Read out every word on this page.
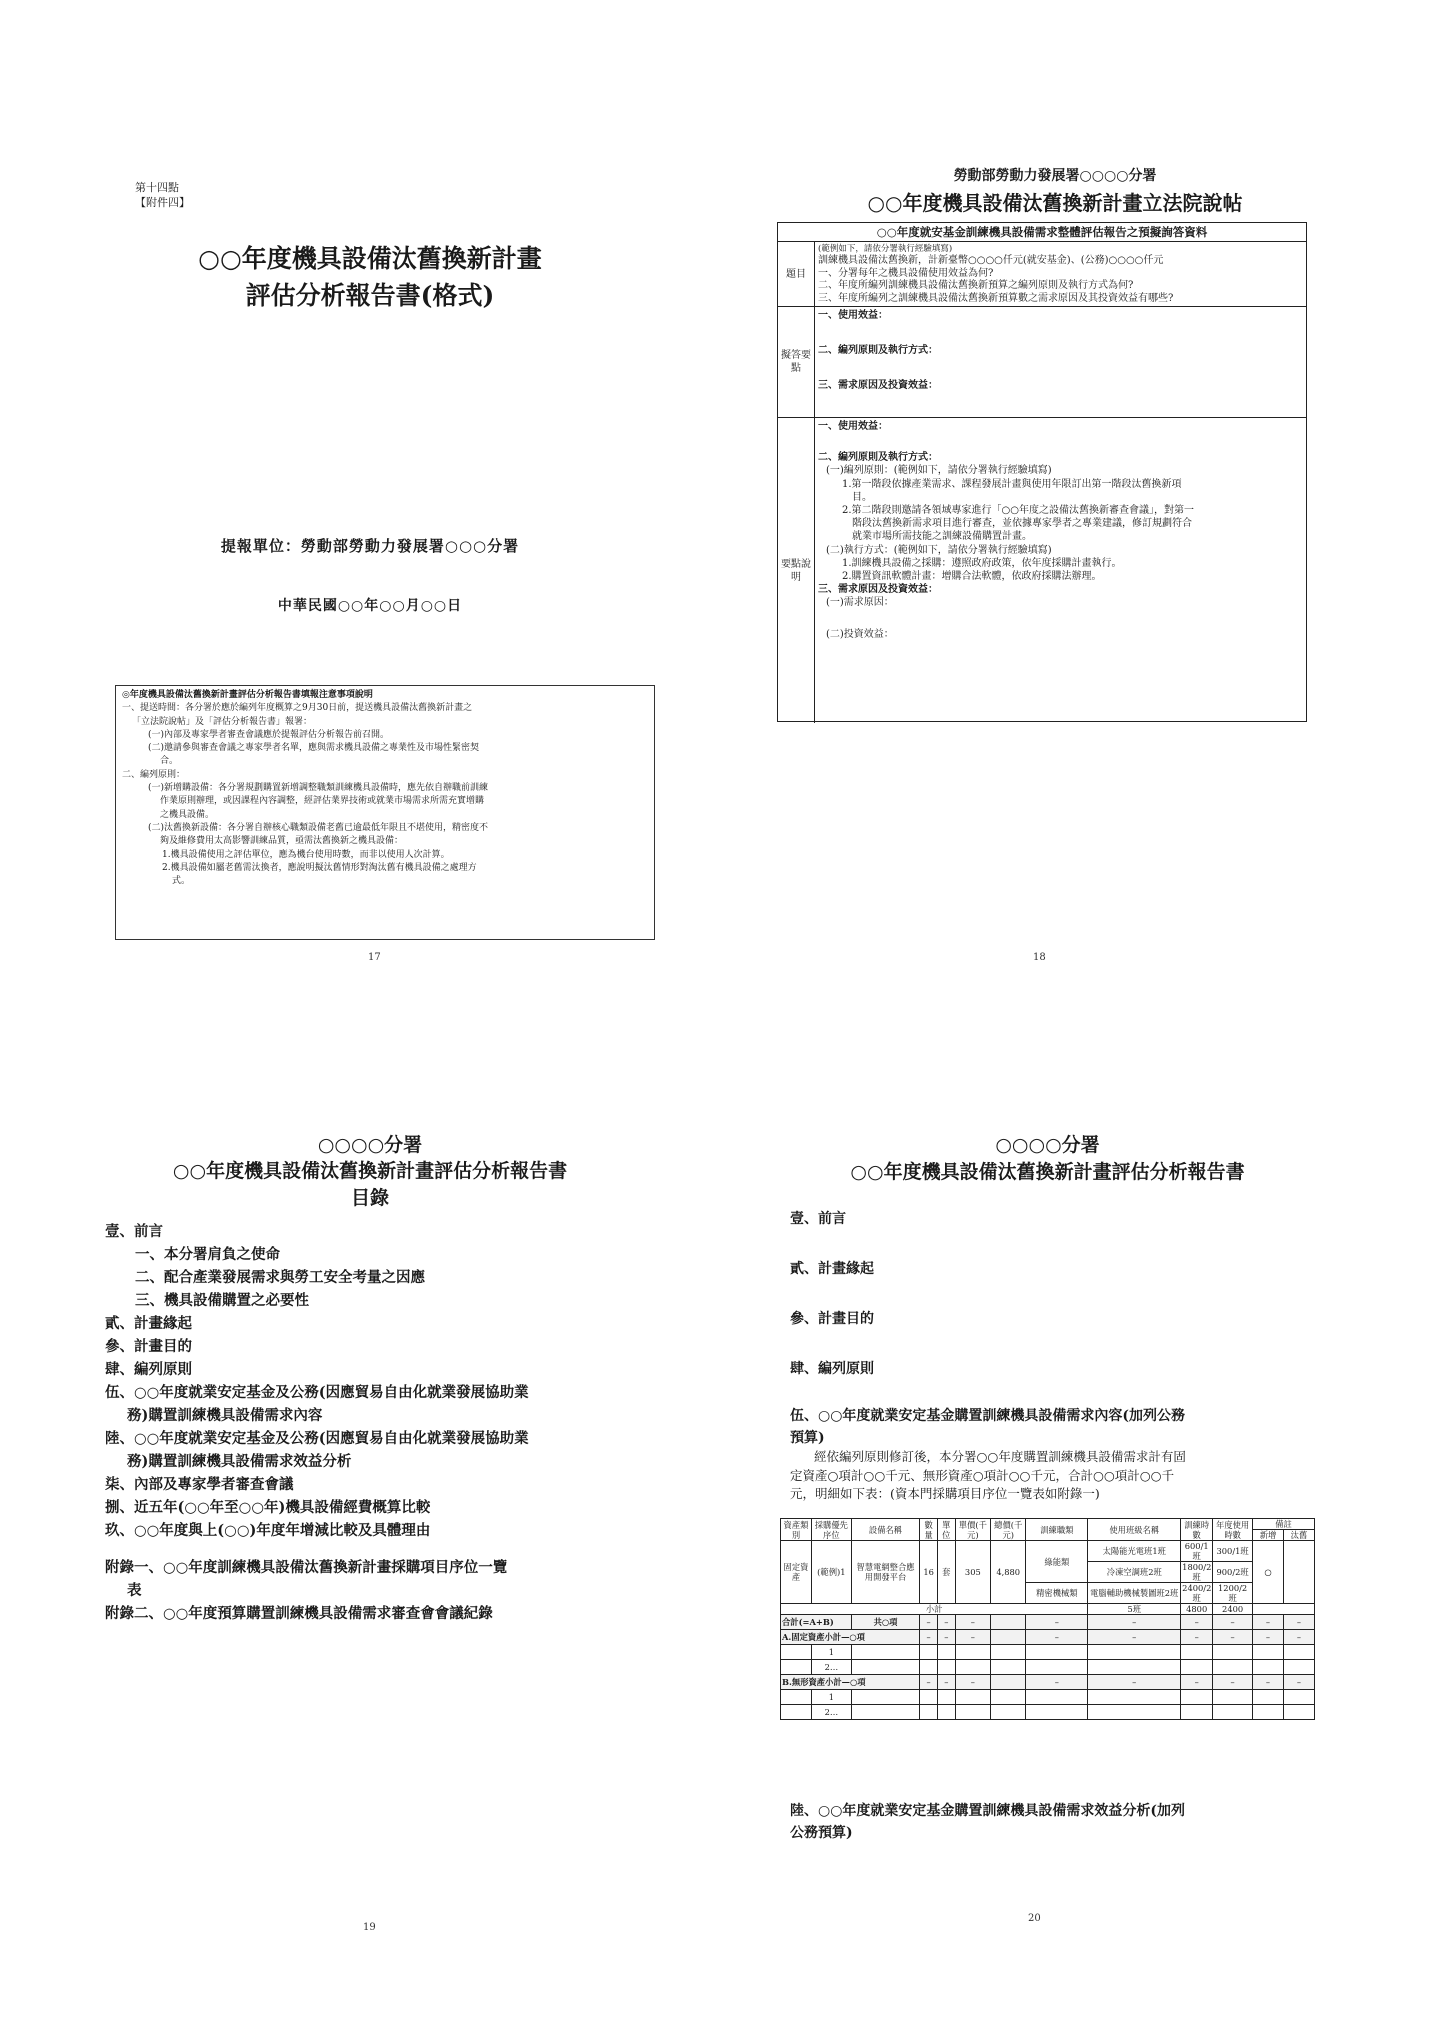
第十四點
【附件四】
○○年度機具設備汰舊換新計畫
評估分析報告書(格式)
提報單位：勞動部勞動力發展署○○○分署
中華民國○○年○○月○○日
◎年度機具設備汰舊換新計畫評估分析報告書填報注意事項說明
一、提送時間：各分署於應於編列年度概算之9月30日前，提送機具設備汰舊換新計畫之
「立法院說帖」及「評估分析報告書」報署：
(一)內部及專家學者審查會議應於提報評估分析報告前召開。
(二)邀請參與審查會議之專家學者名單，應與需求機具設備之專業性及市場性緊密契
合。
二、編列原則：
(一)新增購設備：各分署規劃購置新增調整職類訓練機具設備時，應先依自辦職前訓練
作業原則辦理，或因課程內容調整，經評估業界技術或就業市場需求所需充實增購
之機具設備。
(二)汰舊換新設備：各分署自辦核心職類設備老舊已逾最低年限且不堪使用，精密度不
夠及維修費用太高影響訓練品質，亟需汰舊換新之機具設備：
1.機具設備使用之評估單位，應為機台使用時數，而非以使用人次計算。
2.機具設備如屬老舊需汰換者，應說明擬汰舊情形對淘汰舊有機具設備之處理方
式。
17
勞動部勞動力發展署○○○○分署
○○年度機具設備汰舊換新計畫立法院說帖
○○年度就安基金訓練機具設備需求整體評估報告之預擬詢答資料
題目
(範例如下，請依分署執行經驗填寫)
訓練機具設備汰舊換新，計新臺幣○○○○仟元(就安基金)、(公務)○○○○仟元
一、分署每年之機具設備使用效益為何?
二、年度所編列訓練機具設備汰舊換新預算之編列原則及執行方式為何?
三、年度所編列之訓練機具設備汰舊換新預算數之需求原因及其投資效益有哪些?
擬答要點
一、使用效益：
二、編列原則及執行方式：
三、需求原因及投資效益：
要點說明
一、使用效益：
二、編列原則及執行方式：
(一)編列原則：(範例如下，請依分署執行經驗填寫)
1.第一階段依據產業需求、課程發展計畫與使用年限訂出第一階段汰舊換新項
目。
2.第二階段則邀請各領域專家進行「○○年度之設備汰舊換新審查會議」，對第一
階段汰舊換新需求項目進行審查，並依據專家學者之專業建議，修訂規劃符合
就業市場所需技能之訓練設備購置計畫。
(二)執行方式：(範例如下，請依分署執行經驗填寫)
1.訓練機具設備之採購：遵照政府政策，依年度採購計畫執行。
2.購置資訊軟體計畫：增購合法軟體，依政府採購法辦理。
三、需求原因及投資效益：
(一)需求原因：
(二)投資效益：
18
○○○○分署
○○年度機具設備汰舊換新計畫評估分析報告書
目錄
壹、前言
一、本分署肩負之使命
二、配合產業發展需求與勞工安全考量之因應
三、機具設備購置之必要性
貳、計畫緣起
參、計畫目的
肆、編列原則
伍、○○年度就業安定基金及公務(因應貿易自由化就業發展協助業
務)購置訓練機具設備需求內容
陸、○○年度就業安定基金及公務(因應貿易自由化就業發展協助業
務)購置訓練機具設備需求效益分析
柒、內部及專家學者審查會議
捌、近五年(○○年至○○年)機具設備經費概算比較
玖、○○年度與上(○○)年度年增減比較及具體理由
附錄一、○○年度訓練機具設備汰舊換新計畫採購項目序位一覽
表
附錄二、○○年度預算購置訓練機具設備需求審查會會議紀錄
19
○○○○分署
○○年度機具設備汰舊換新計畫評估分析報告書
壹、前言
貳、計畫緣起
參、計畫目的
肆、編列原則
伍、○○年度就業安定基金購置訓練機具設備需求內容(加列公務
預算)
經依編列原則修訂後，本分署○○年度購置訓練機具設備需求計有固
定資產○項計○○千元、無形資產○項計○○千元，合計○○項計○○千
元，明細如下表：(資本門採購項目序位一覽表如附錄一)
資產類別	採購優先序位	設備名稱	數量	單位	單價(千元)	總價(千元)	訓練職類	使用班級名稱	訓練時數	年度使用時數	備註	
											新增	汰舊
固定資產	(範例)1	智慧電網整合應用開發平台	16	套	305	4,880	綠能類	太陽能光電班1班	600/1班	300/1班	○	
								冷凍空調班2班	1800/2班	900/2班		
							精密機械類	電腦輔助機械製圖班2班	2400/2班	1200/2班		
小計								5班	4800	2400		
合計(=A+B)		共○項	–	–	–		–	–	–	–	–	–
A.固定資產小計—○項			–	–	–		–	–	–	–	–	–
	1											
	2…											
B.無形資產小計—○項			–	–	–		–	–	–	–	–	–
	1											
	2…											
陸、○○年度就業安定基金購置訓練機具設備需求效益分析(加列
公務預算)
20
